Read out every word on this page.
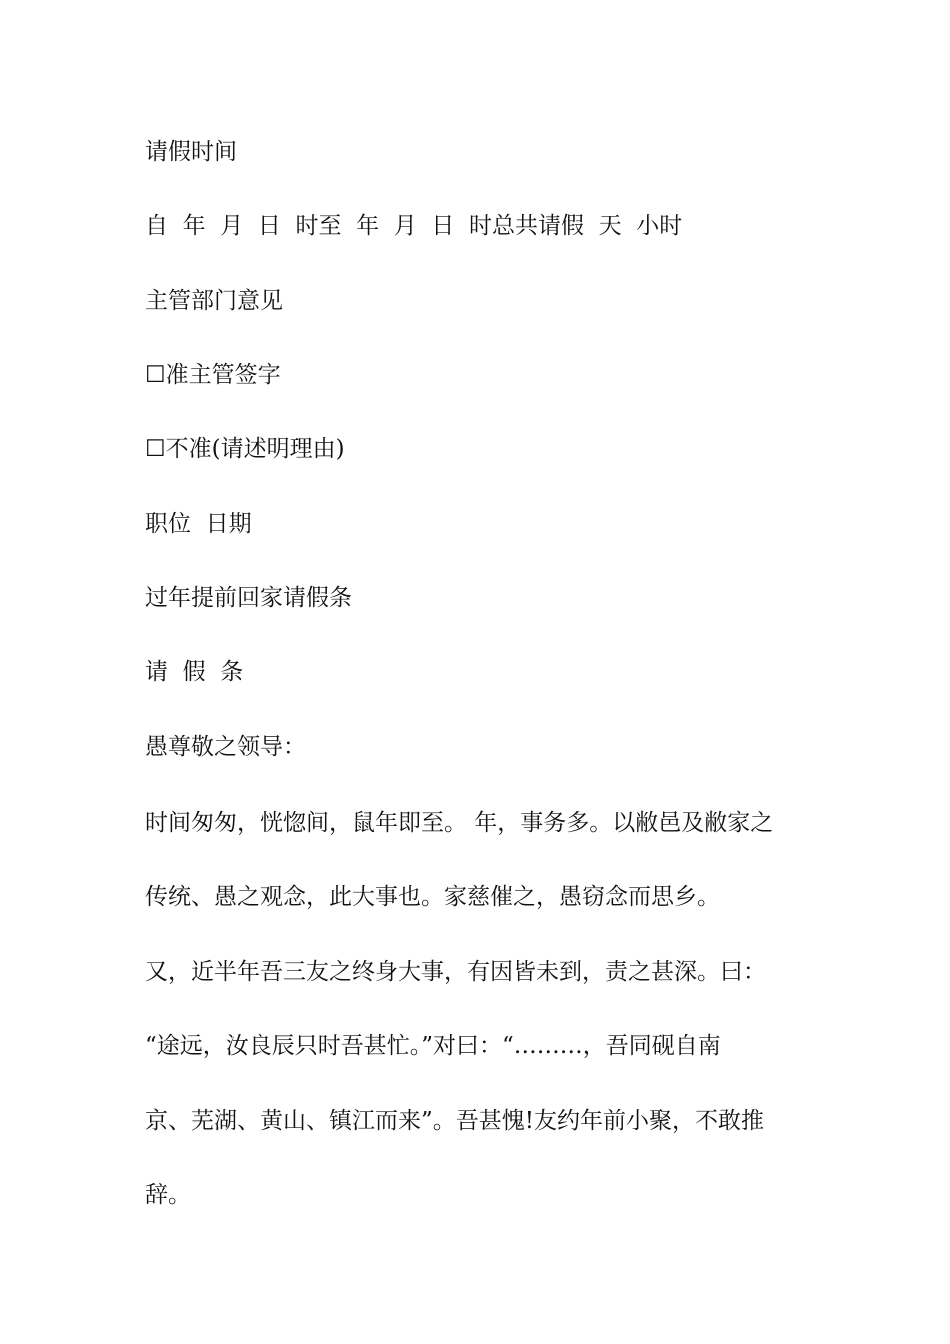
请假时间
自  年  月  日  时至  年  月  日  时总共请假  天  小时
主管部门意见
☐准主管签字
☐不准(请述明理由)
职位  日期
过年提前回家请假条
请  假  条
愚尊敬之领导：
时间匆匆，恍惚间，鼠年即至。 年，事务多。以敝邑及敝家之
传统、愚之观念，此大事也。家慈催之，愚窃念而思乡。
又，近半年吾三友之终身大事，有因皆未到，责之甚深。曰：
“途远，汝良辰只时吾甚忙。”对曰：“………，吾同砚自南
京、芜湖、黄山、镇江而来”。吾甚愧!友约年前小聚，不敢推
辞。
